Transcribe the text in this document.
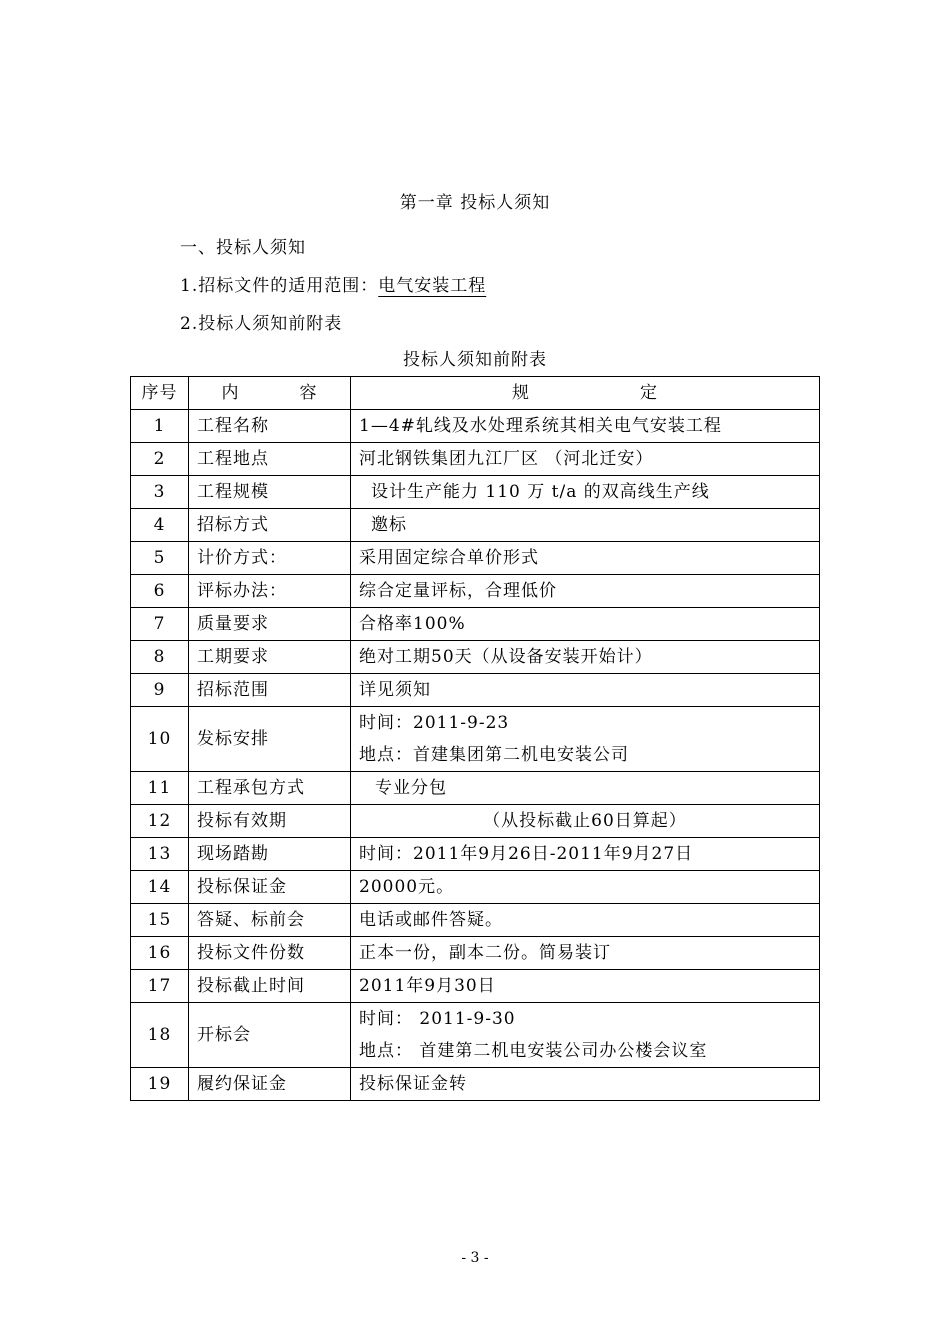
第一章 投标人须知
一、投标人须知
1.招标文件的适用范围：电气安装工程
2.投标人须知前附表
投标人须知前附表
序号	内 容	规 定
1	工程名称	1—4#轧线及水处理系统其相关电气安装工程
2	工程地点	河北钢铁集团九江厂区 （河北迁安）
3	工程规模	设计生产能力 110 万 t/a 的双高线生产线
4	招标方式	邀标
5	计价方式：	采用固定综合单价形式
6	评标办法：	综合定量评标，合理低价
7	质量要求	合格率100%
8	工期要求	绝对工期50天（从设备安装开始计）
9	招标范围	详见须知
10	发标安排	时间：2011-9-23
地点：首建集团第二机电安装公司

11	工程承包方式	专业分包
12	投标有效期	（从投标截止60日算起）
13	现场踏勘	时间：2011年9月26日-2011年9月27日
14	投标保证金	20000元。
15	答疑、标前会	电话或邮件答疑。
16	投标文件份数	正本一份，副本二份。简易装订
17	投标截止时间	2011年9月30日
18	开标会	时间： 2011-9-30
地点： 首建第二机电安装公司办公楼会议室

19	履约保证金	投标保证金转
- 3 -
